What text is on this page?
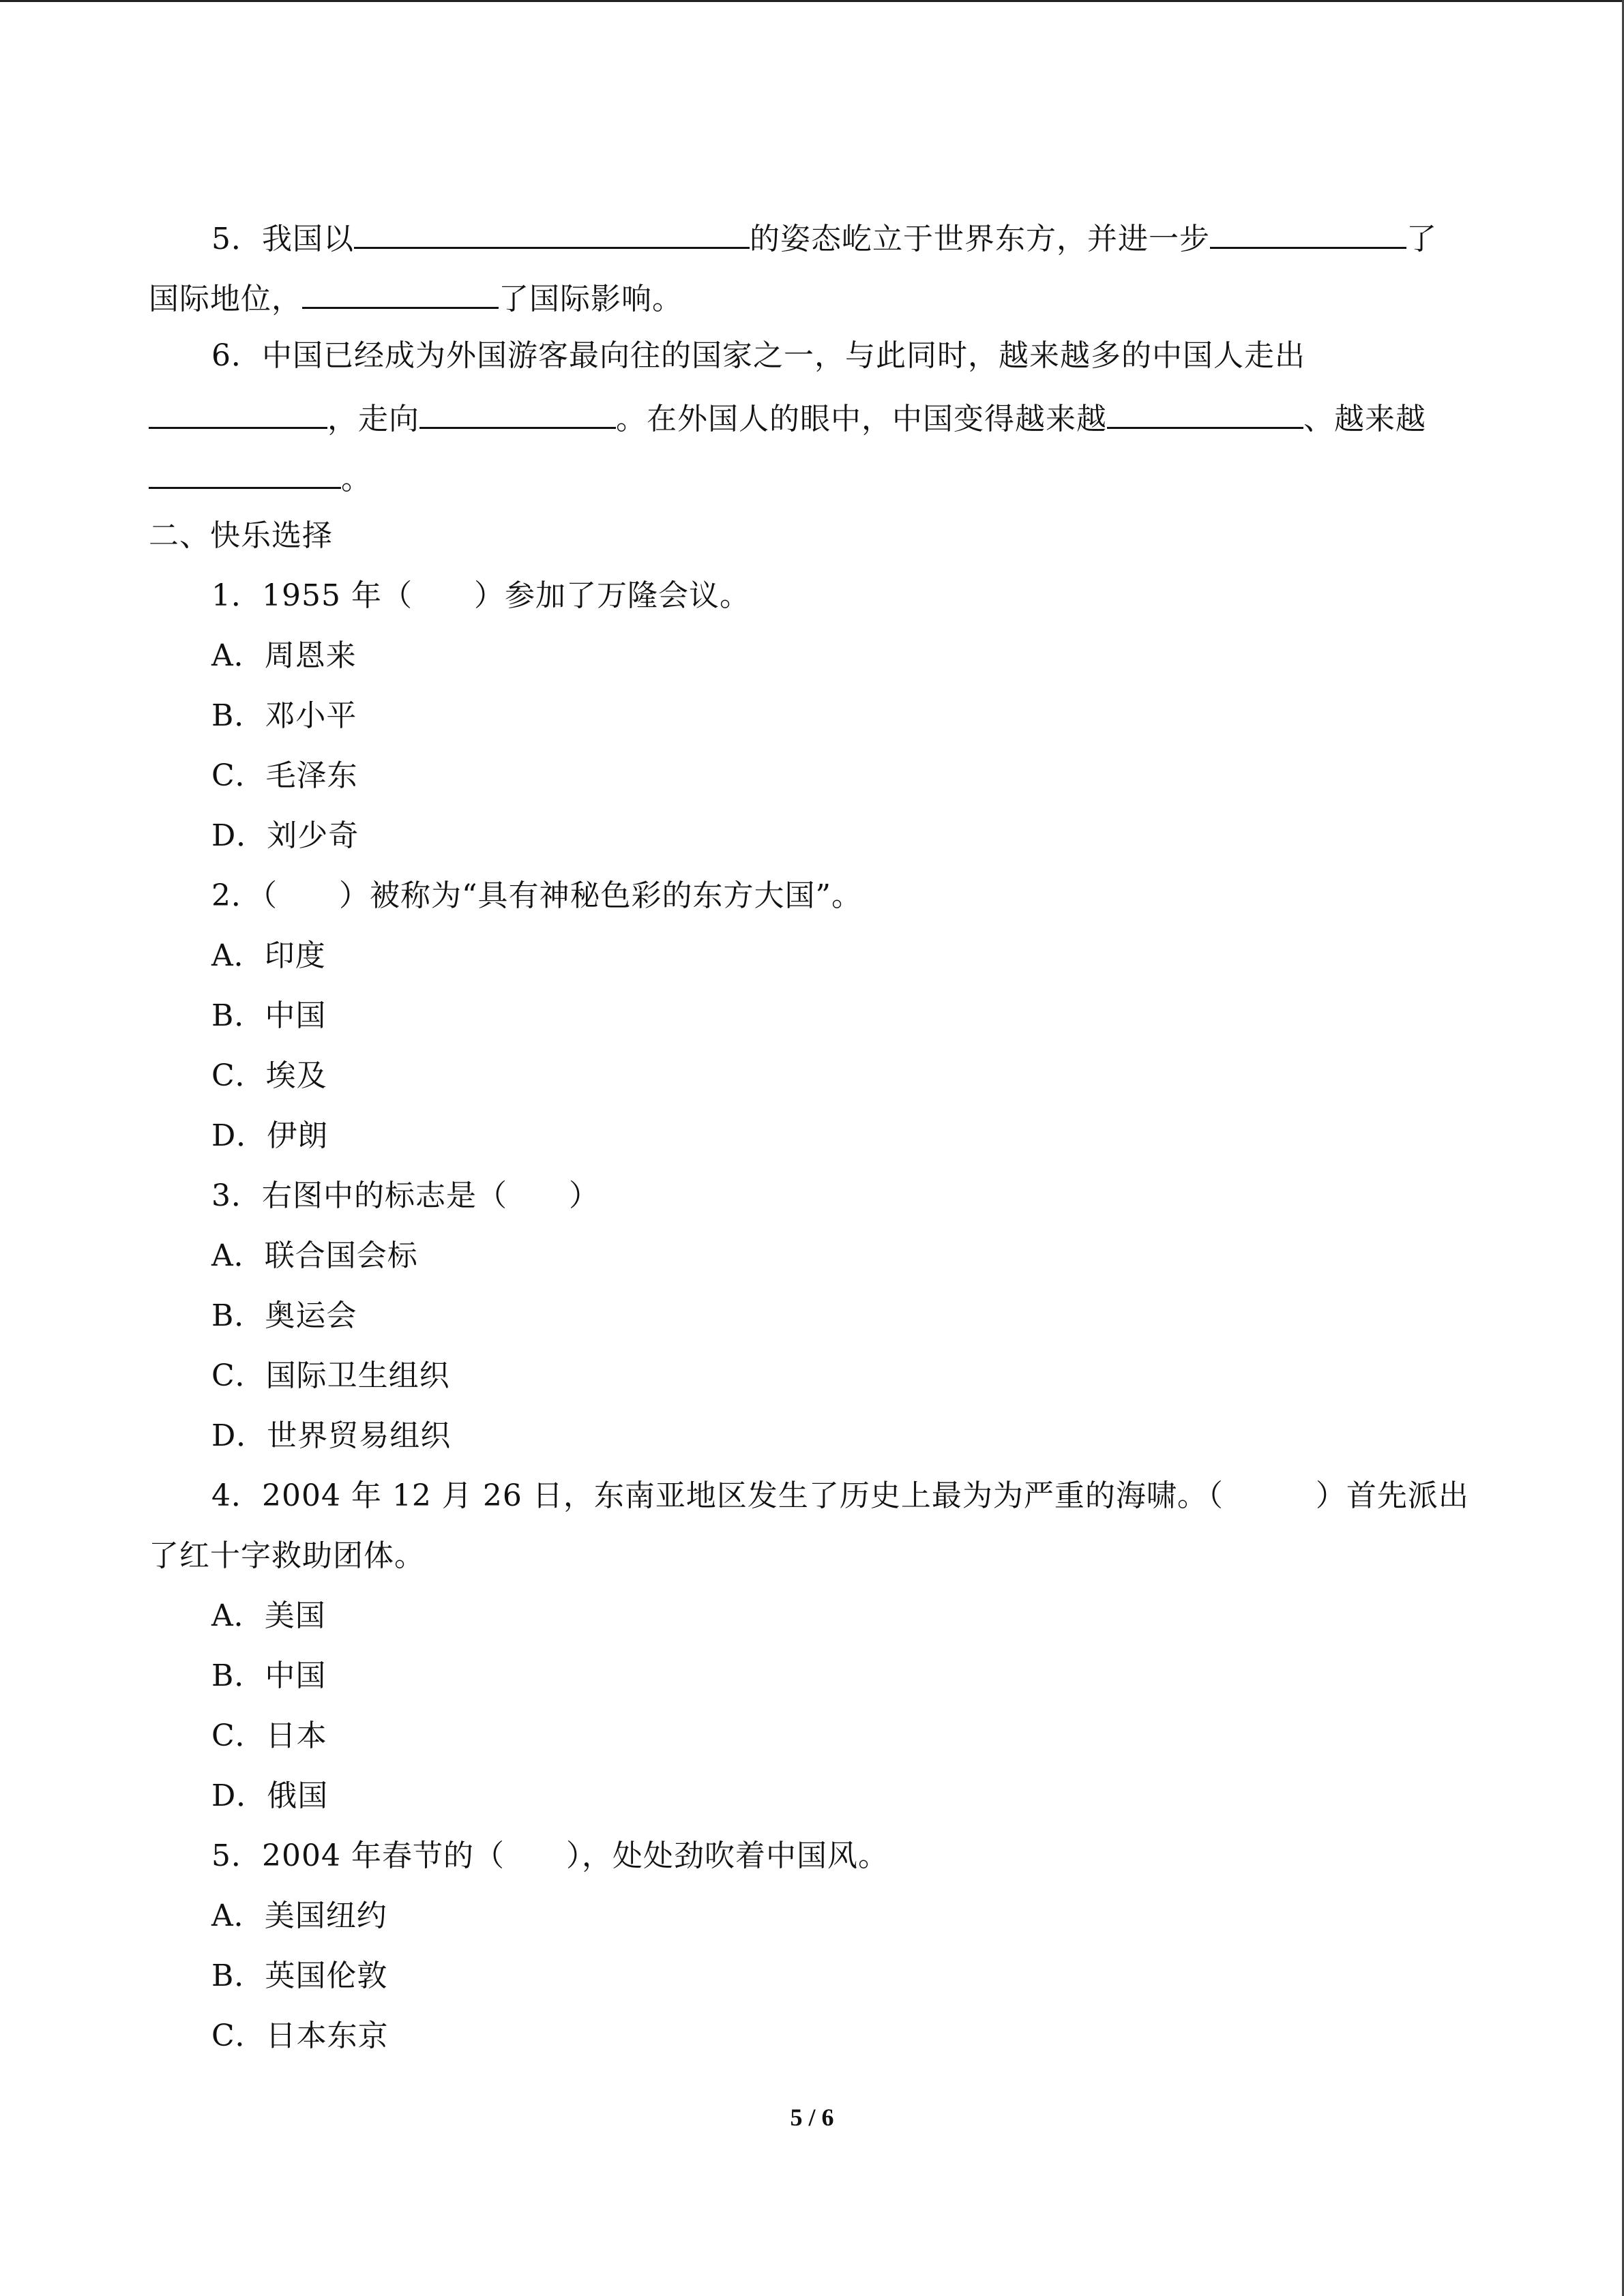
5．我国以	的姿态屹立于世界东方，并进一步	了
国际地位，	了国际影响。
6．中国已经成为外国游客最向往的国家之一，与此同时，越来越多的中国人走出
，走向	。在外国人的眼中，中国变得越来越	、越来越
。
二、快乐选择
1．1955 年（　　）参加了万隆会议。
A．周恩来
B．邓小平
C．毛泽东
D．刘少奇
2．（　　）被称为“具有神秘色彩的东方大国”。
A．印度
B．中国
C．埃及
D．伊朗
3．右图中的标志是（　　）
A．联合国会标
B．奥运会
C．国际卫生组织
D．世界贸易组织
4．2004 年 12 月 26 日，东南亚地区发生了历史上最为为严重的海啸。（　　　）首先派出
了红十字救助团体。
A．美国
B．中国
C．日本
D．俄国
5．2004 年春节的（　　），处处劲吹着中国风。
A．美国纽约
B．英国伦敦
C．日本东京
5 / 6
